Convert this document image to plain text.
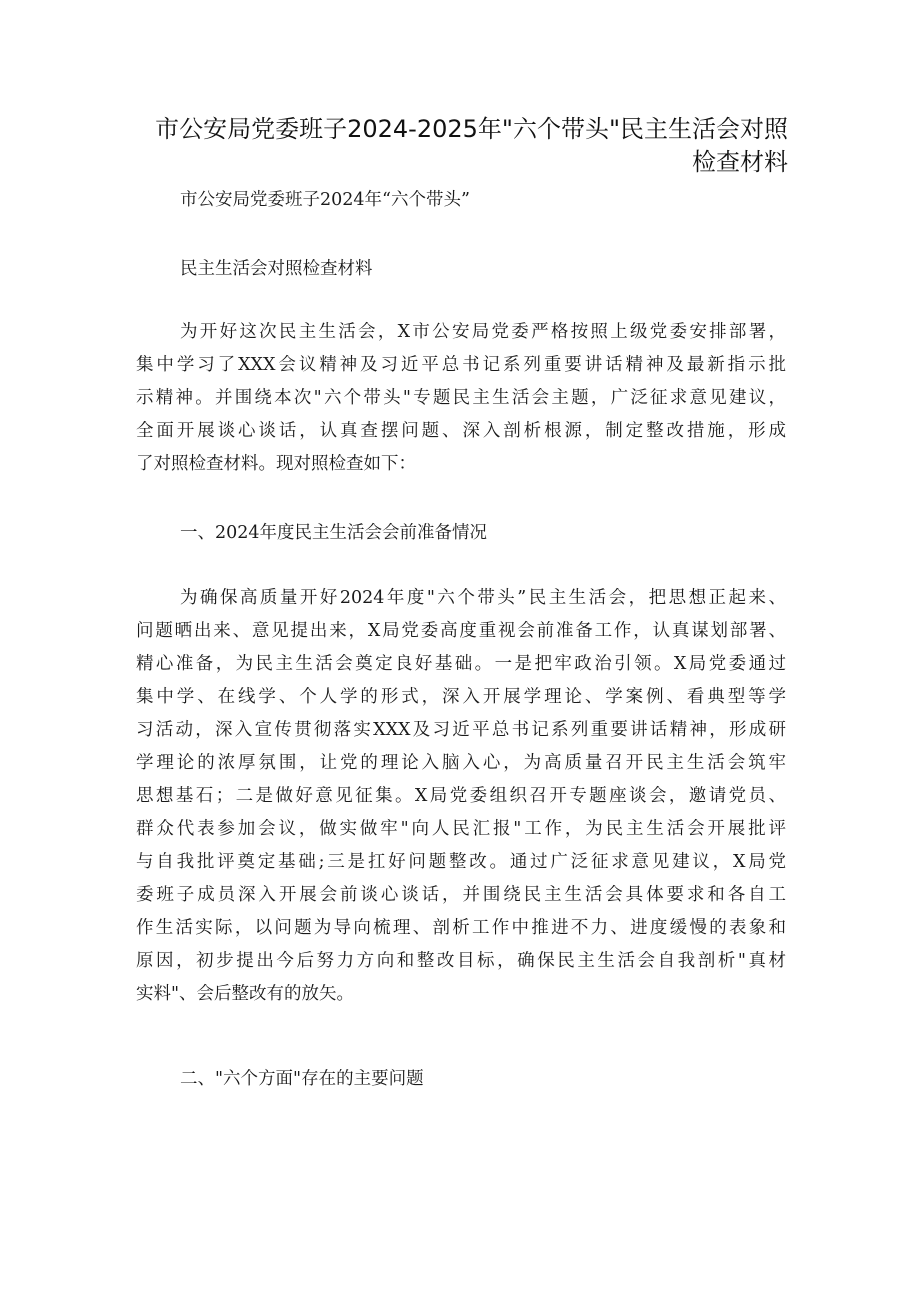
市公安局党委班子2024-2025年"六个带头"民主生活会对照
检查材料
市公安局党委班子2024年“六个带头”
民主生活会对照检查材料
为开好这次民主生活会，X市公安局党委严格按照上级党委安排部署，
集中学习了XXX会议精神及习近平总书记系列重要讲话精神及最新指示批
示精神。并围绕本次"六个带头"专题民主生活会主题，广泛征求意见建议，
全面开展谈心谈话，认真查摆问题、深入剖析根源，制定整改措施，形成
了对照检查材料。现对照检查如下：
一、2024年度民主生活会会前准备情况
为确保高质量开好2024年度"六个带头”民主生活会，把思想正起来、
问题晒出来、意见提出来，X局党委高度重视会前准备工作，认真谋划部署、
精心准备，为民主生活会奠定良好基础。一是把牢政治引领。X局党委通过
集中学、在线学、个人学的形式，深入开展学理论、学案例、看典型等学
习活动，深入宣传贯彻落实XXX及习近平总书记系列重要讲话精神，形成研
学理论的浓厚氛围，让党的理论入脑入心，为高质量召开民主生活会筑牢
思想基石；二是做好意见征集。X局党委组织召开专题座谈会，邀请党员、
群众代表参加会议，做实做牢"向人民汇报"工作，为民主生活会开展批评
与自我批评奠定基础;三是扛好问题整改。通过广泛征求意见建议，X局党
委班子成员深入开展会前谈心谈话，并围绕民主生活会具体要求和各自工
作生活实际，以问题为导向梳理、剖析工作中推进不力、进度缓慢的表象和
原因，初步提出今后努力方向和整改目标，确保民主生活会自我剖析"真材
实料"、会后整改有的放矢。
二、"六个方面"存在的主要问题
